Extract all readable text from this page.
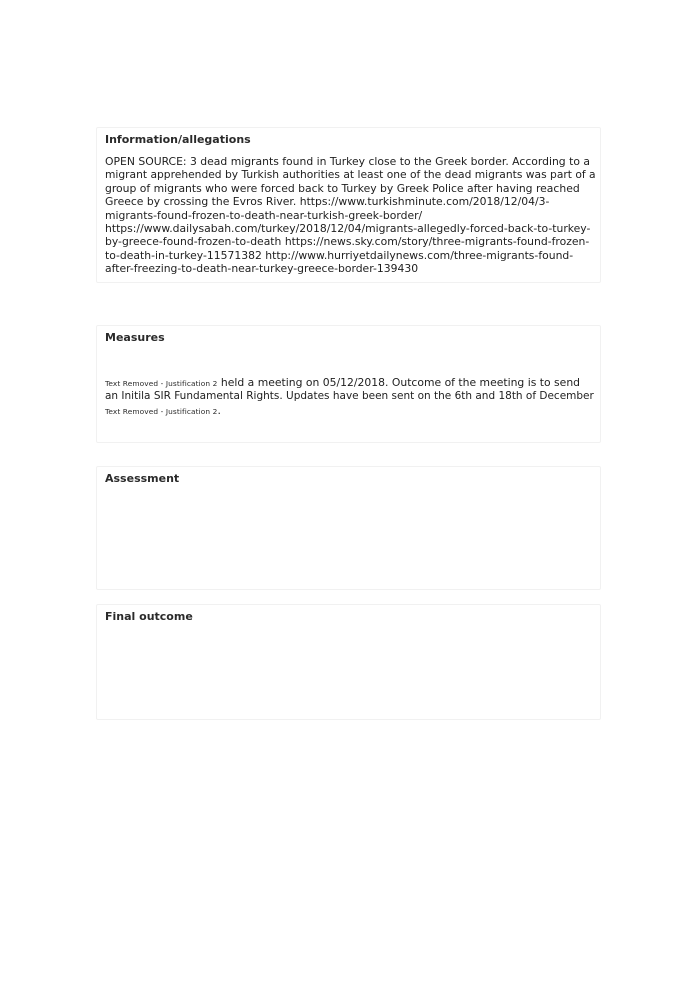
Information/allegations
OPEN SOURCE: 3 dead migrants found in Turkey close to the Greek border. According to a
migrant apprehended by Turkish authorities at least one of the dead migrants was part of a
group of migrants who were forced back to Turkey by Greek Police after having reached
Greece by crossing the Evros River. https://www.turkishminute.com/2018/12/04/3-
migrants-found-frozen-to-death-near-turkish-greek-border/
https://www.dailysabah.com/turkey/2018/12/04/migrants-allegedly-forced-back-to-turkey-
by-greece-found-frozen-to-death https://news.sky.com/story/three-migrants-found-frozen-
to-death-in-turkey-11571382 http://www.hurriyetdailynews.com/three-migrants-found-
after-freezing-to-death-near-turkey-greece-border-139430
Measures
Text Removed - Justification 2 held a meeting on 05/12/2018. Outcome of the meeting is to send
an Initila SIR Fundamental Rights. Updates have been sent on the 6th and 18th of December
Text Removed - Justification 2.
Assessment
Final outcome
